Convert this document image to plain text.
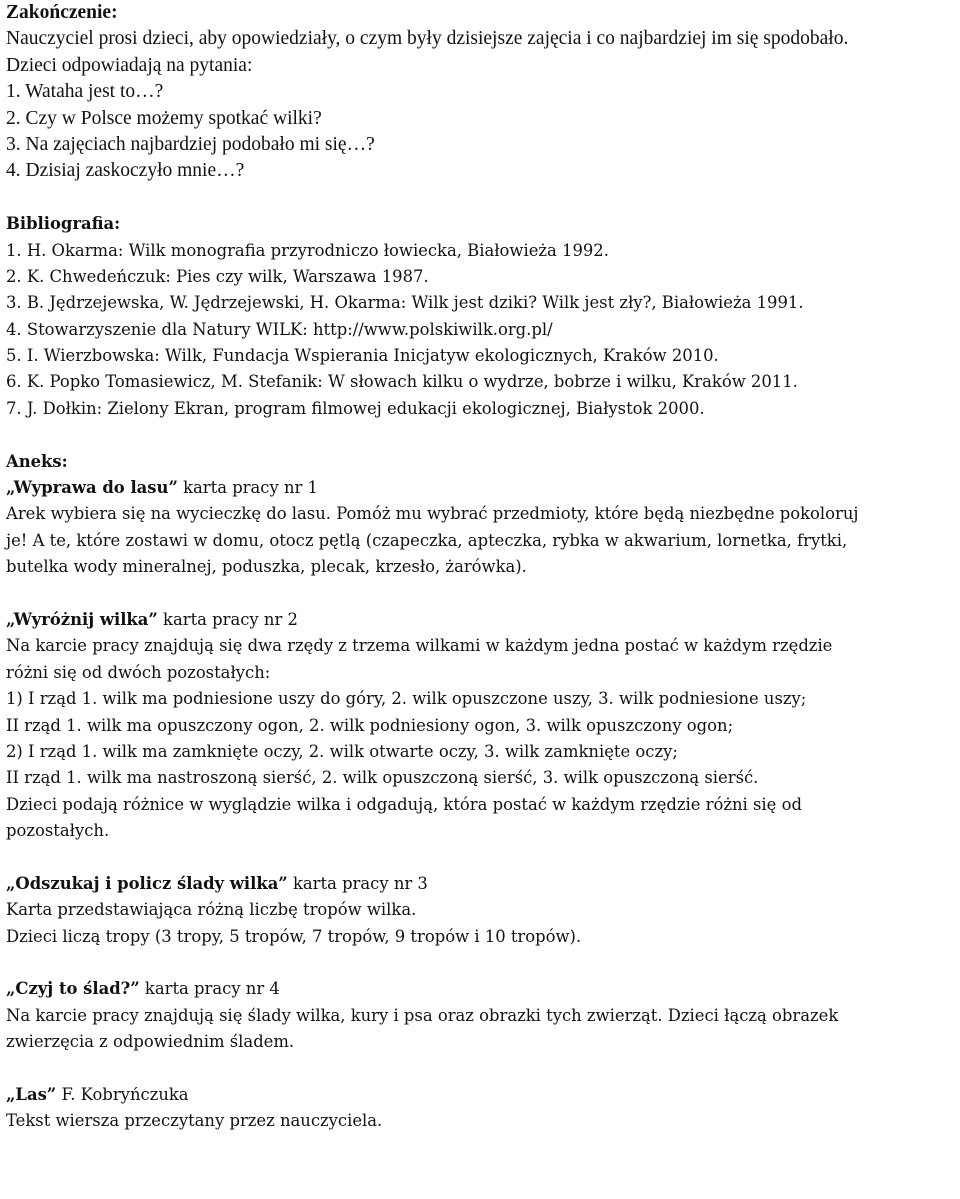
Zakończenie:
Nauczyciel prosi dzieci, aby opowiedziały, o czym były dzisiejsze zajęcia i co najbardziej im się spodobało.
Dzieci odpowiadają na pytania:
1. Wataha jest to…?
2. Czy w Polsce możemy spotkać wilki?
3. Na zajęciach najbardziej podobało mi się…?
4. Dzisiaj zaskoczyło mnie…?
Bibliografia:
1. H. Okarma: Wilk monografia przyrodniczo łowiecka, Białowieża 1992.
2. K. Chwedeńczuk: Pies czy wilk, Warszawa 1987.
3. B. Jędrzejewska, W. Jędrzejewski, H. Okarma: Wilk jest dziki? Wilk jest zły?, Białowieża 1991.
4. Stowarzyszenie dla Natury WILK: http://www.polskiwilk.org.pl/
5. I. Wierzbowska: Wilk, Fundacja Wspierania Inicjatyw ekologicznych, Kraków 2010.
6. K. Popko Tomasiewicz, M. Stefanik: W słowach kilku o wydrze, bobrze i wilku, Kraków 2011.
7. J. Dołkin: Zielony Ekran, program filmowej edukacji ekologicznej, Białystok 2000.
Aneks:
„Wyprawa do lasu” karta pracy nr 1
Arek wybiera się na wycieczkę do lasu. Pomóż mu wybrać przedmioty, które będą niezbędne pokoloruj
je! A te, które zostawi w domu, otocz pętlą (czapeczka, apteczka, rybka w akwarium, lornetka, frytki,
butelka wody mineralnej, poduszka, plecak, krzesło, żarówka).
„Wyróżnij wilka” karta pracy nr 2
Na karcie pracy znajdują się dwa rzędy z trzema wilkami w każdym jedna postać w każdym rzędzie
różni się od dwóch pozostałych:
1) I rząd 1. wilk ma podniesione uszy do góry, 2. wilk opuszczone uszy, 3. wilk podniesione uszy;
II rząd 1. wilk ma opuszczony ogon, 2. wilk podniesiony ogon, 3. wilk opuszczony ogon;
2) I rząd 1. wilk ma zamknięte oczy, 2. wilk otwarte oczy, 3. wilk zamknięte oczy;
II rząd 1. wilk ma nastroszoną sierść, 2. wilk opuszczoną sierść, 3. wilk opuszczoną sierść.
Dzieci podają różnice w wyglądzie wilka i odgadują, która postać w każdym rzędzie różni się od
pozostałych.
„Odszukaj i policz ślady wilka” karta pracy nr 3
Karta przedstawiająca różną liczbę tropów wilka.
Dzieci liczą tropy (3 tropy, 5 tropów, 7 tropów, 9 tropów i 10 tropów).
„Czyj to ślad?” karta pracy nr 4
Na karcie pracy znajdują się ślady wilka, kury i psa oraz obrazki tych zwierząt. Dzieci łączą obrazek
zwierzęcia z odpowiednim śladem.
„Las” F. Kobryńczuka
Tekst wiersza przeczytany przez nauczyciela.
